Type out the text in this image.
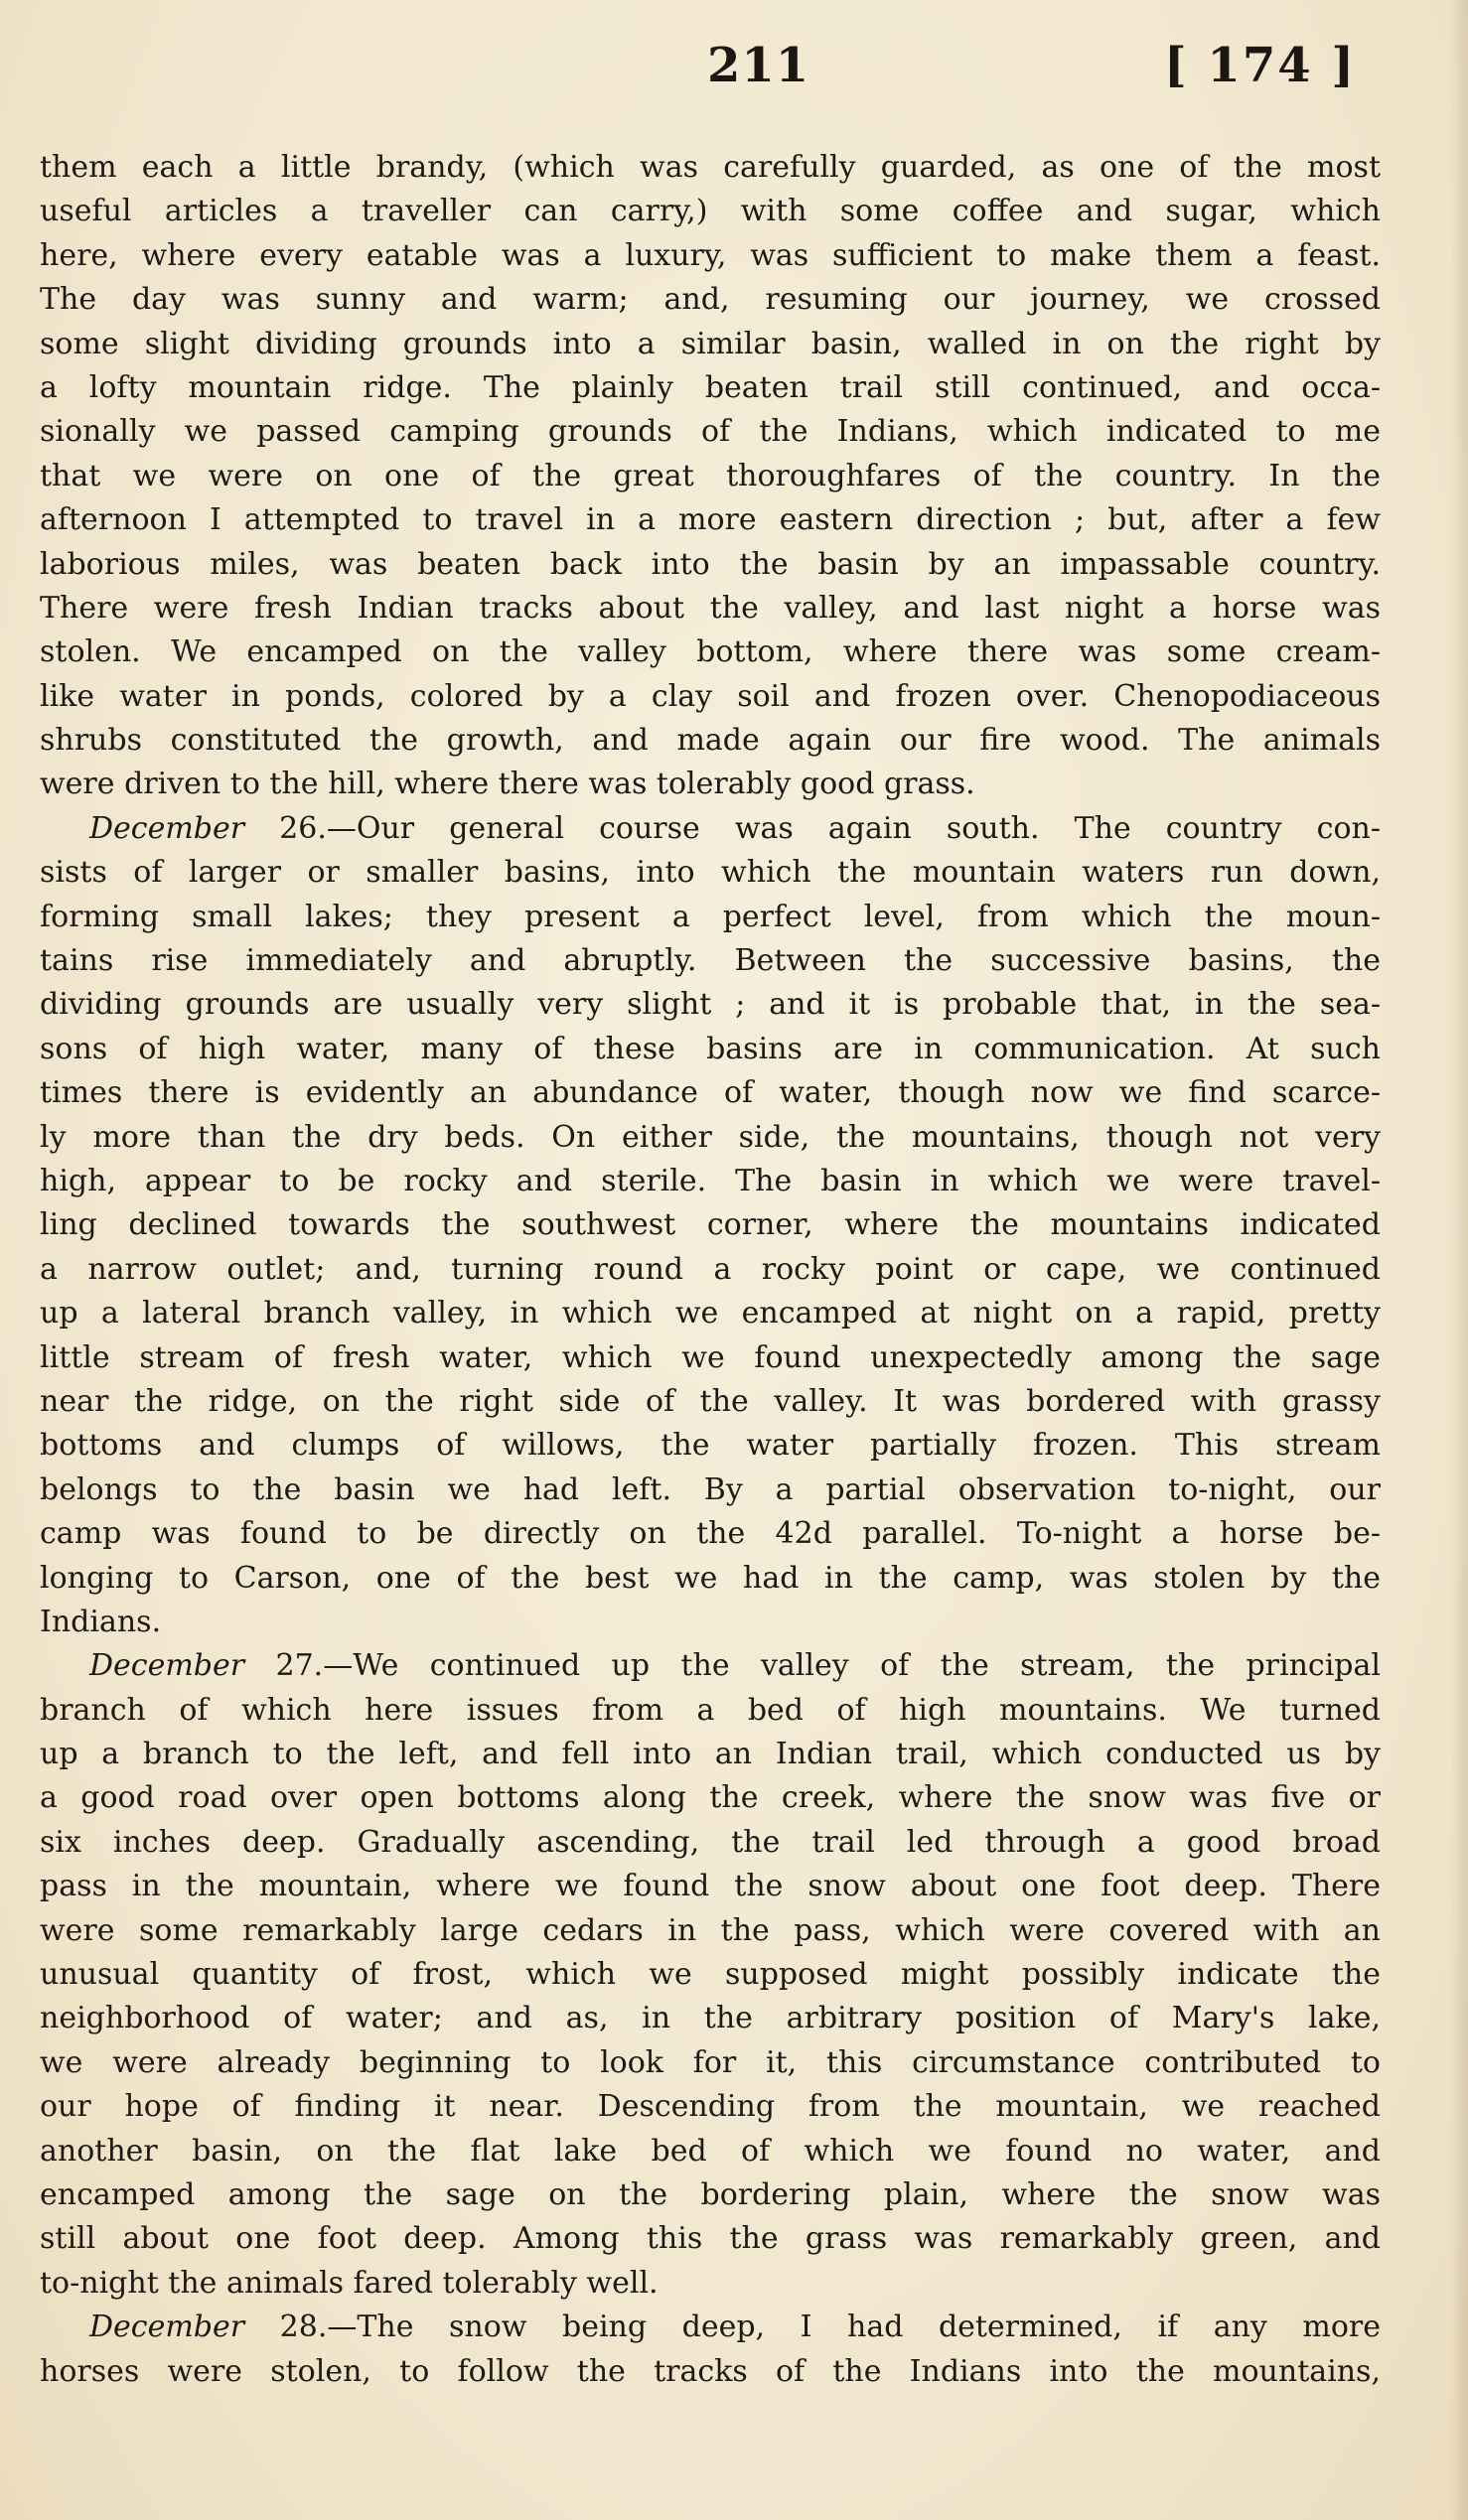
211	[ 174 ]
them each a little brandy, (which was carefully guarded, as one of the most
useful articles a traveller can carry,) with some coffee and sugar, which
here, where every eatable was a luxury, was sufficient to make them a feast.
The day was sunny and warm; and, resuming our journey, we crossed
some slight dividing grounds into a similar basin, walled in on the right by
a lofty mountain ridge. The plainly beaten trail still continued, and occa-
sionally we passed camping grounds of the Indians, which indicated to me
that we were on one of the great thoroughfares of the country. In the
afternoon I attempted to travel in a more eastern direction ; but, after a few
laborious miles, was beaten back into the basin by an impassable country.
There were fresh Indian tracks about the valley, and last night a horse was
stolen. We encamped on the valley bottom, where there was some cream-
like water in ponds, colored by a clay soil and frozen over. Chenopodiaceous
shrubs constituted the growth, and made again our fire wood. The animals
were driven to the hill, where there was tolerably good grass.
December 26.—Our general course was again south. The country con-
sists of larger or smaller basins, into which the mountain waters run down,
forming small lakes; they present a perfect level, from which the moun-
tains rise immediately and abruptly. Between the successive basins, the
dividing grounds are usually very slight ; and it is probable that, in the sea-
sons of high water, many of these basins are in communication. At such
times there is evidently an abundance of water, though now we find scarce-
ly more than the dry beds. On either side, the mountains, though not very
high, appear to be rocky and sterile. The basin in which we were travel-
ling declined towards the southwest corner, where the mountains indicated
a narrow outlet; and, turning round a rocky point or cape, we continued
up a lateral branch valley, in which we encamped at night on a rapid, pretty
little stream of fresh water, which we found unexpectedly among the sage
near the ridge, on the right side of the valley. It was bordered with grassy
bottoms and clumps of willows, the water partially frozen. This stream
belongs to the basin we had left. By a partial observation to-night, our
camp was found to be directly on the 42d parallel. To-night a horse be-
longing to Carson, one of the best we had in the camp, was stolen by the
Indians.
December 27.—We continued up the valley of the stream, the principal
branch of which here issues from a bed of high mountains. We turned
up a branch to the left, and fell into an Indian trail, which conducted us by
a good road over open bottoms along the creek, where the snow was five or
six inches deep. Gradually ascending, the trail led through a good broad
pass in the mountain, where we found the snow about one foot deep. There
were some remarkably large cedars in the pass, which were covered with an
unusual quantity of frost, which we supposed might possibly indicate the
neighborhood of water; and as, in the arbitrary position of Mary's lake,
we were already beginning to look for it, this circumstance contributed to
our hope of finding it near. Descending from the mountain, we reached
another basin, on the flat lake bed of which we found no water, and
encamped among the sage on the bordering plain, where the snow was
still about one foot deep. Among this the grass was remarkably green, and
to-night the animals fared tolerably well.
December 28.—The snow being deep, I had determined, if any more
horses were stolen, to follow the tracks of the Indians into the mountains,
